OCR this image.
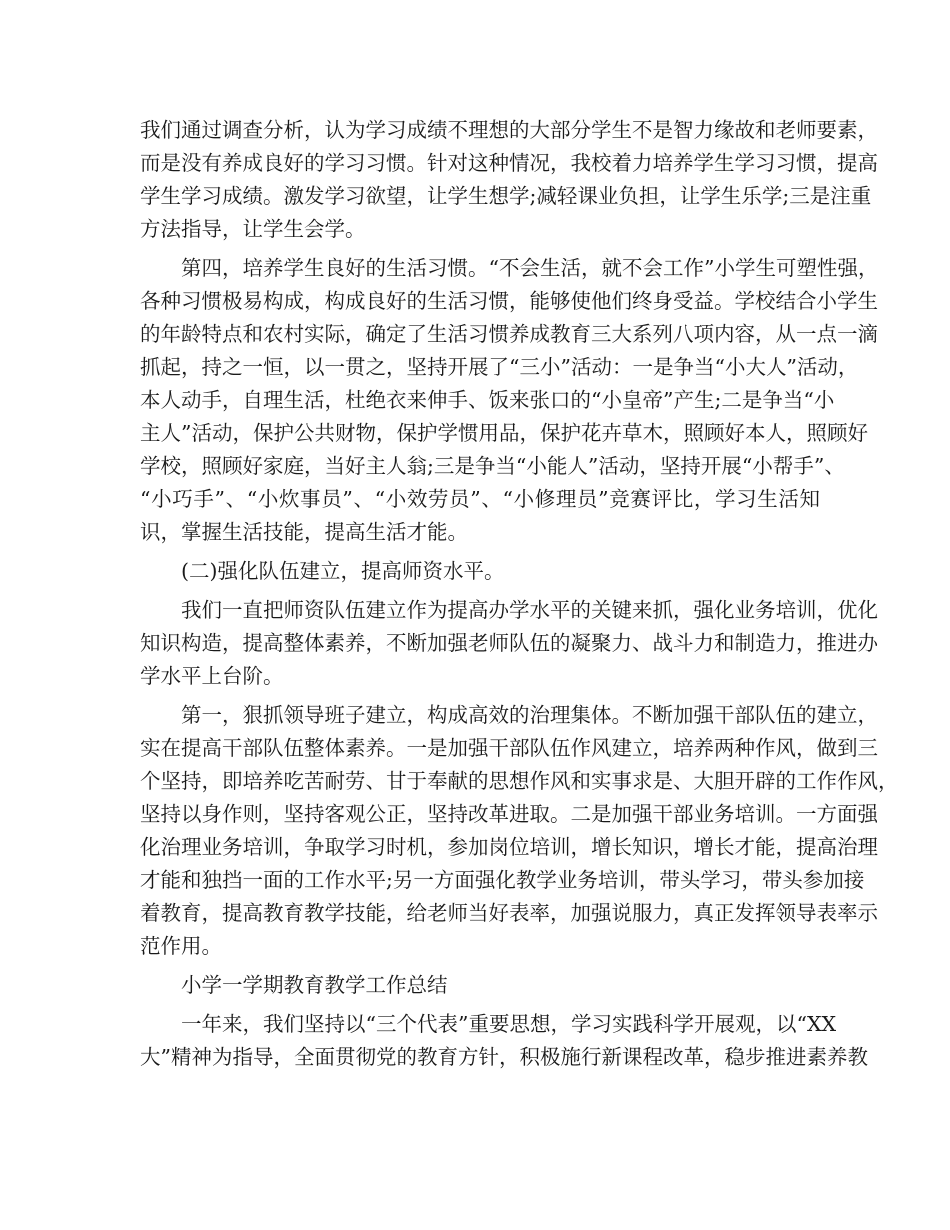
我们通过调查分析，认为学习成绩不理想的大部分学生不是智力缘故和老师要素，
而是没有养成良好的学习习惯。针对这种情况，我校着力培养学生学习习惯，提高
学生学习成绩。激发学习欲望，让学生想学;减轻课业负担，让学生乐学;三是注重
方法指导，让学生会学。
第四，培养学生良好的生活习惯。“不会生活，就不会工作”小学生可塑性强，
各种习惯极易构成，构成良好的生活习惯，能够使他们终身受益。学校结合小学生
的年龄特点和农村实际，确定了生活习惯养成教育三大系列八项内容，从一点一滴
抓起，持之一恒，以一贯之，坚持开展了“三小”活动：一是争当“小大人”活动，
本人动手，自理生活，杜绝衣来伸手、饭来张口的“小皇帝”产生;二是争当“小
主人”活动，保护公共财物，保护学惯用品，保护花卉草木，照顾好本人，照顾好
学校，照顾好家庭，当好主人翁;三是争当“小能人”活动，坚持开展“小帮手”、
“小巧手”、“小炊事员”、“小效劳员”、“小修理员”竞赛评比，学习生活知
识，掌握生活技能，提高生活才能。
(二)强化队伍建立，提高师资水平。
我们一直把师资队伍建立作为提高办学水平的关键来抓，强化业务培训，优化
知识构造，提高整体素养，不断加强老师队伍的凝聚力、战斗力和制造力，推进办
学水平上台阶。
第一，狠抓领导班子建立，构成高效的治理集体。不断加强干部队伍的建立，
实在提高干部队伍整体素养。一是加强干部队伍作风建立，培养两种作风，做到三
个坚持，即培养吃苦耐劳、甘于奉献的思想作风和实事求是、大胆开辟的工作作风，
坚持以身作则，坚持客观公正，坚持改革进取。二是加强干部业务培训。一方面强
化治理业务培训，争取学习时机，参加岗位培训，增长知识，增长才能，提高治理
才能和独挡一面的工作水平;另一方面强化教学业务培训，带头学习，带头参加接
着教育，提高教育教学技能，给老师当好表率，加强说服力，真正发挥领导表率示
范作用。
小学一学期教育教学工作总结
一年来，我们坚持以“三个代表”重要思想，学习实践科学开展观，以“XX
大”精神为指导，全面贯彻党的教育方针，积极施行新课程改革，稳步推进素养教
